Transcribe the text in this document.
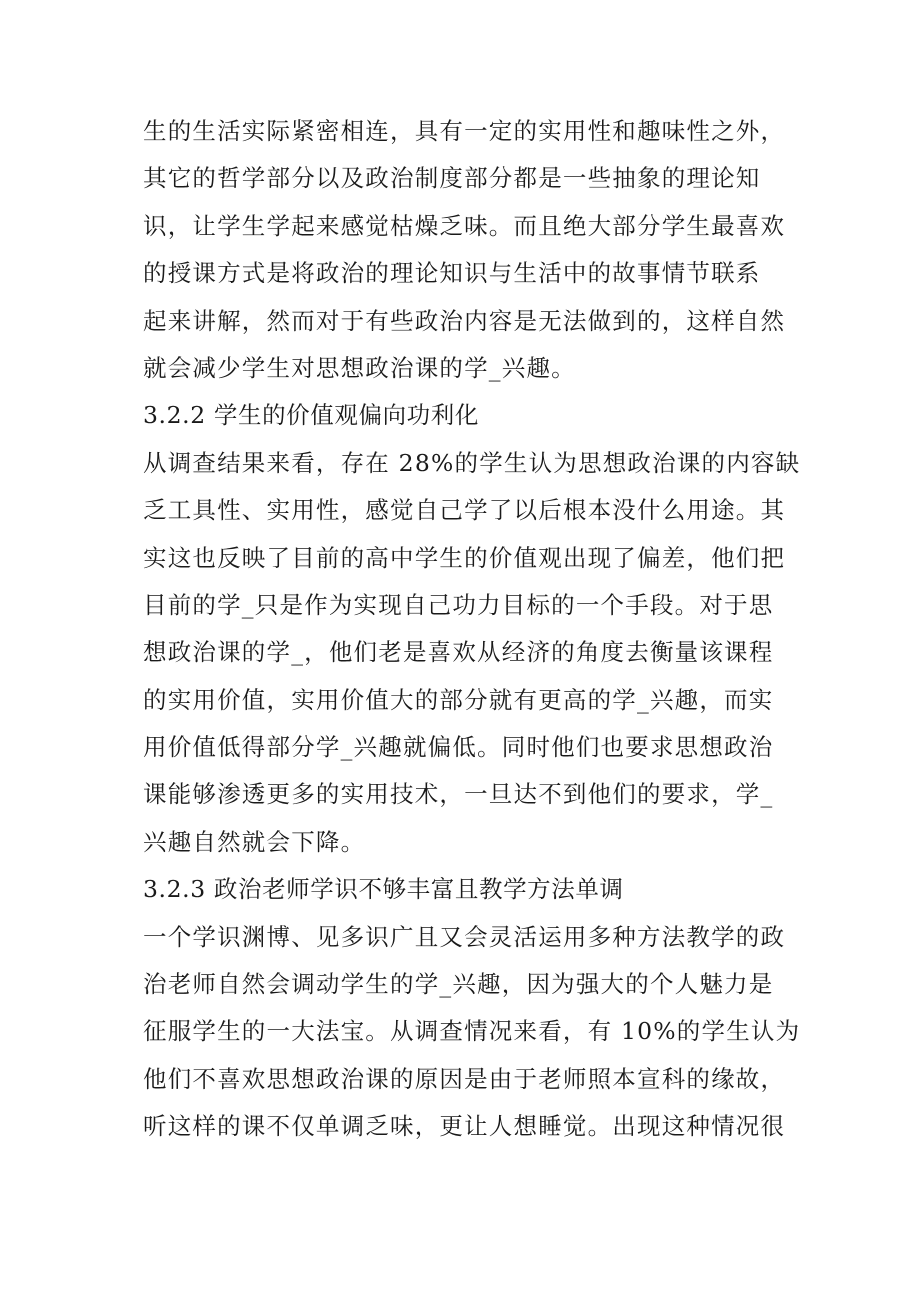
生的生活实际紧密相连，具有一定的实用性和趣味性之外，
其它的哲学部分以及政治制度部分都是一些抽象的理论知
识，让学生学起来感觉枯燥乏味。而且绝大部分学生最喜欢
的授课方式是将政治的理论知识与生活中的故事情节联系
起来讲解，然而对于有些政治内容是无法做到的，这样自然
就会减少学生对思想政治课的学_兴趣。
3.2.2 学生的价值观偏向功利化
从调查结果来看，存在 28%的学生认为思想政治课的内容缺
乏工具性、实用性，感觉自己学了以后根本没什么用途。其
实这也反映了目前的高中学生的价值观出现了偏差，他们把
目前的学_只是作为实现自己功力目标的一个手段。对于思
想政治课的学_，他们老是喜欢从经济的角度去衡量该课程
的实用价值，实用价值大的部分就有更高的学_兴趣，而实
用价值低得部分学_兴趣就偏低。同时他们也要求思想政治
课能够渗透更多的实用技术，一旦达不到他们的要求，学_
兴趣自然就会下降。
3.2.3 政治老师学识不够丰富且教学方法单调
一个学识渊博、见多识广且又会灵活运用多种方法教学的政
治老师自然会调动学生的学_兴趣，因为强大的个人魅力是
征服学生的一大法宝。从调查情况来看，有 10%的学生认为
他们不喜欢思想政治课的原因是由于老师照本宣科的缘故，
听这样的课不仅单调乏味，更让人想睡觉。出现这种情况很
